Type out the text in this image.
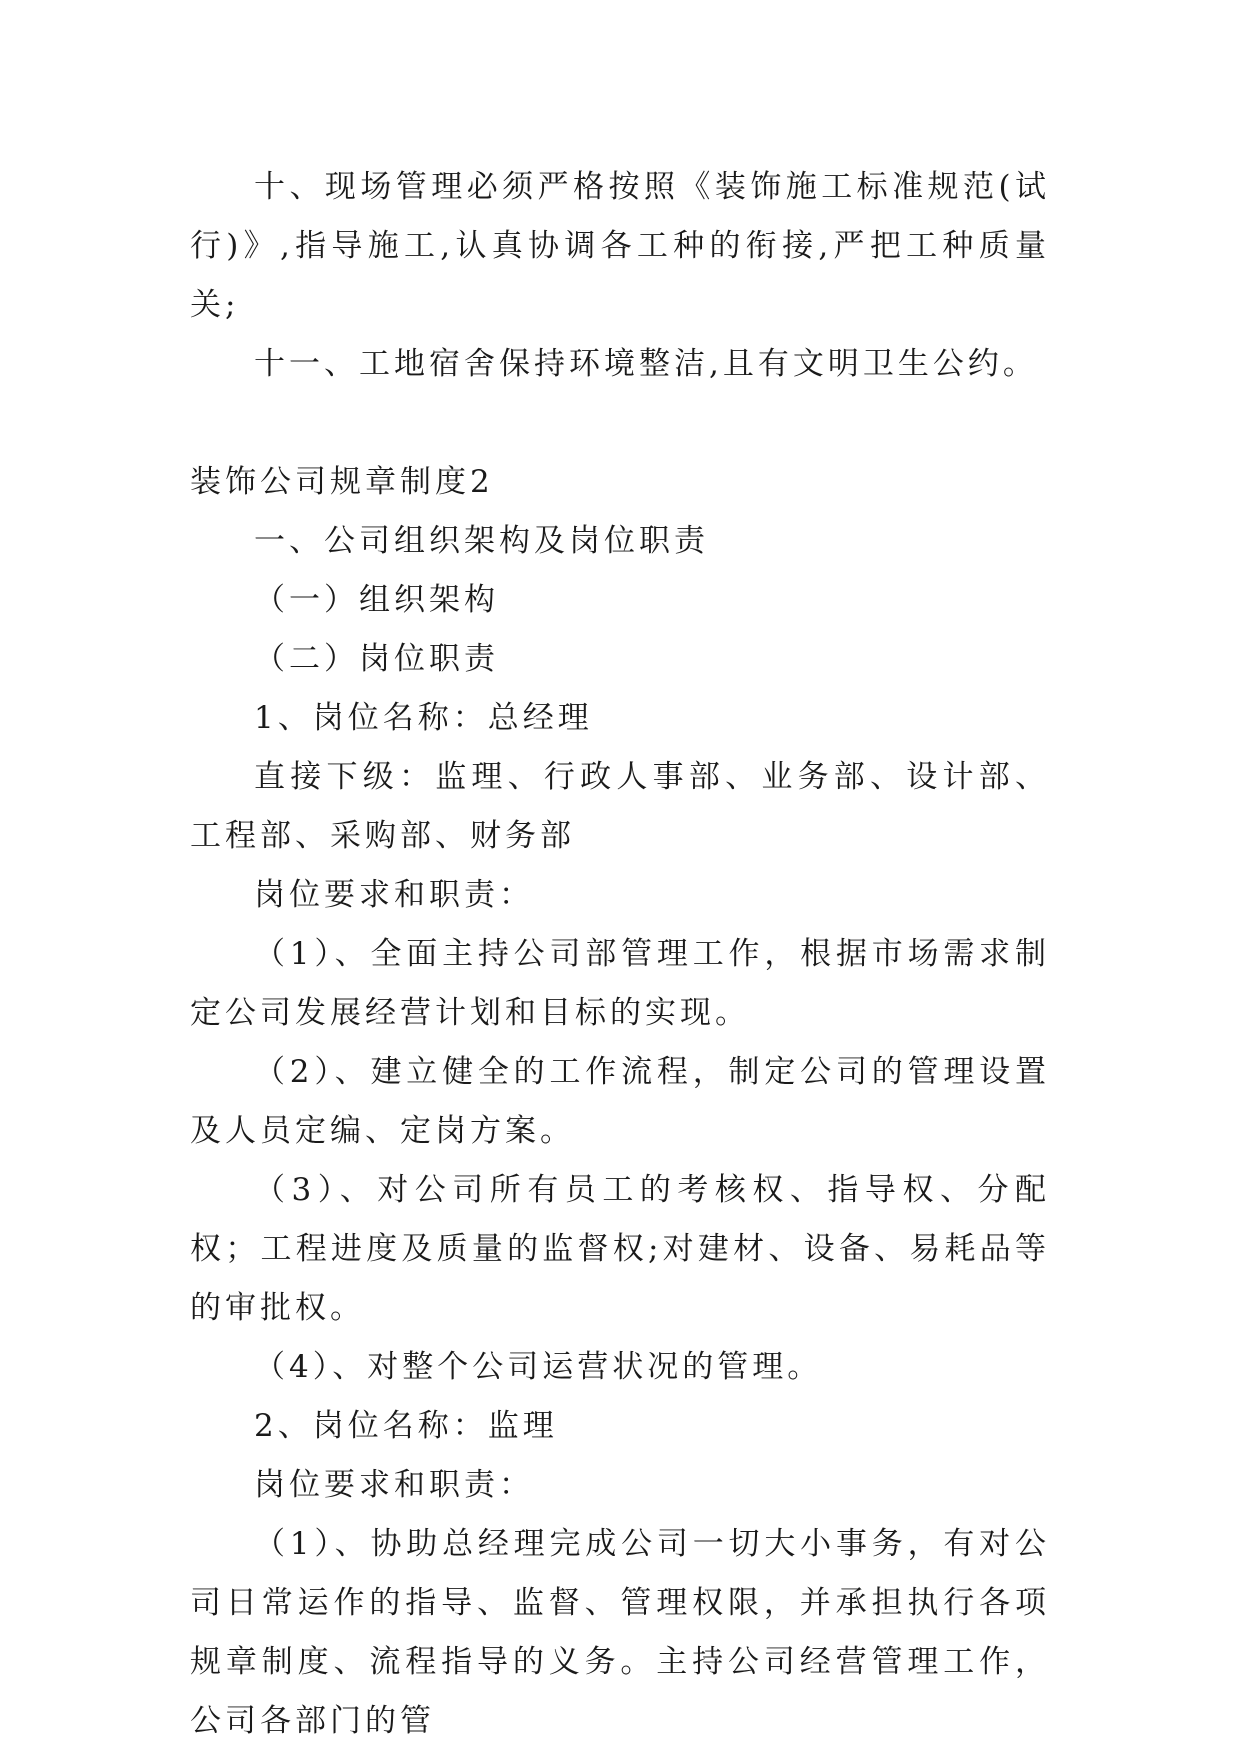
十、现场管理必须严格按照《装饰施工标准规范(试行)》,指导施工,认真协调各工种的衔接,严把工种质量关;

十一、工地宿舍保持环境整洁,且有文明卫生公约。

装饰公司规章制度2

一、公司组织架构及岗位职责

（一）组织架构

（二）岗位职责

1、岗位名称：总经理

直接下级：监理、行政人事部、业务部、设计部、工程部、采购部、财务部

岗位要求和职责：

（1）、全面主持公司部管理工作，根据市场需求制定公司发展经营计划和目标的实现。

（2）、建立健全的工作流程，制定公司的管理设置及人员定编、定岗方案。

（3）、对公司所有员工的考核权、指导权、分配权；工程进度及质量的监督权;对建材、设备、易耗品等的审批权。

（4）、对整个公司运营状况的管理。

2、岗位名称：监理

岗位要求和职责：

（1）、协助总经理完成公司一切大小事务，有对公司日常运作的指导、监督、管理权限，并承担执行各项规章制度、流程指导的义务。主持公司经营管理工作，公司各部门的管
